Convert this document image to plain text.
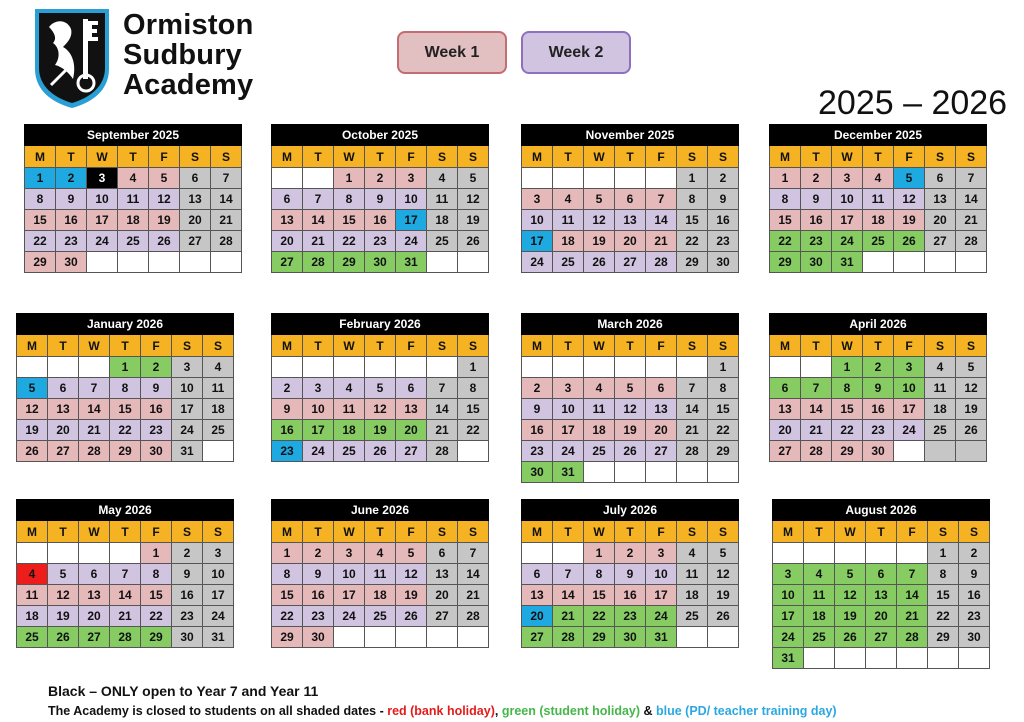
Ormiston
Sudbury
Academy
Week 1	Week 2
2025 – 2026
September 2025						
M	T	W	T	F	S	S
1	2	3	4	5	6	7
8	9	10	11	12	13	14
15	16	17	18	19	20	21
22	23	24	25	26	27	28
29	30					
October 2025						
M	T	W	T	F	S	S
		1	2	3	4	5
6	7	8	9	10	11	12
13	14	15	16	17	18	19
20	21	22	23	24	25	26
27	28	29	30	31		
November 2025						
M	T	W	T	F	S	S
					1	2
3	4	5	6	7	8	9
10	11	12	13	14	15	16
17	18	19	20	21	22	23
24	25	26	27	28	29	30
December 2025						
M	T	W	T	F	S	S
1	2	3	4	5	6	7
8	9	10	11	12	13	14
15	16	17	18	19	20	21
22	23	24	25	26	27	28
29	30	31				
January 2026						
M	T	W	T	F	S	S
			1	2	3	4
5	6	7	8	9	10	11
12	13	14	15	16	17	18
19	20	21	22	23	24	25
26	27	28	29	30	31	
February 2026						
M	T	W	T	F	S	S
						1
2	3	4	5	6	7	8
9	10	11	12	13	14	15
16	17	18	19	20	21	22
23	24	25	26	27	28	
March 2026						
M	T	W	T	F	S	S
						1
2	3	4	5	6	7	8
9	10	11	12	13	14	15
16	17	18	19	20	21	22
23	24	25	26	27	28	29
30	31					
April 2026						
M	T	W	T	F	S	S
		1	2	3	4	5
6	7	8	9	10	11	12
13	14	15	16	17	18	19
20	21	22	23	24	25	26
27	28	29	30			
May 2026						
M	T	W	T	F	S	S
				1	2	3
4	5	6	7	8	9	10
11	12	13	14	15	16	17
18	19	20	21	22	23	24
25	26	27	28	29	30	31
June 2026						
M	T	W	T	F	S	S
1	2	3	4	5	6	7
8	9	10	11	12	13	14
15	16	17	18	19	20	21
22	23	24	25	26	27	28
29	30					
July 2026						
M	T	W	T	F	S	S
		1	2	3	4	5
6	7	8	9	10	11	12
13	14	15	16	17	18	19
20	21	22	23	24	25	26
27	28	29	30	31		
August 2026						
M	T	W	T	F	S	S
					1	2
3	4	5	6	7	8	9
10	11	12	13	14	15	16
17	18	19	20	21	22	23
24	25	26	27	28	29	30
31						
Black – ONLY open to Year 7 and Year 11
The Academy is closed to students on all shaded dates - red (bank holiday), green (student holiday) & blue (PD/ teacher training day)
